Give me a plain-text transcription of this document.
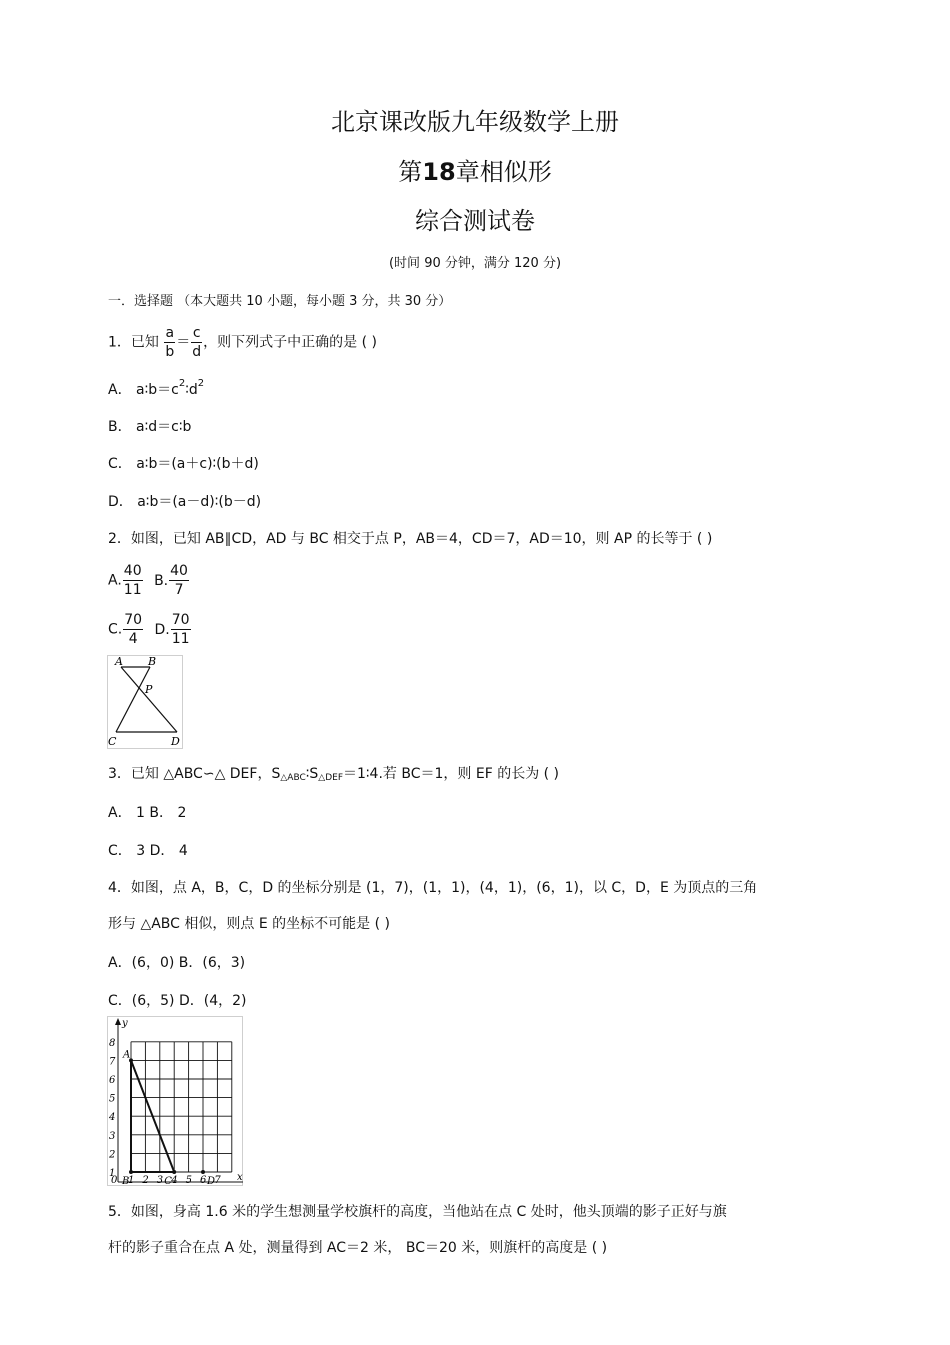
北京课改版九年级数学上册
第18章相似形
综合测试卷
(时间 90 分钟，满分 120 分)
一．选择题 （本大题共 10 小题，每小题 3 分，共 30 分）
1．已知 $\frac{a}{b} = \frac{c}{d}$ ，则下列式子中正确的是 ( )
A． $a∶b=c^2∶d^2$
B． a∶d＝c∶b
C． a∶b＝(a＋c)∶(b＋d)
D． a∶b＝(a－d)∶(b－d)
2．如图，已知 AB∥CD，AD 与 BC 相交于点 P，AB＝4，CD＝7，AD＝10，则 AP 的长等于 ( )
A. $\frac{40}{11} B$. $\frac{40}{7}$
C. $\frac{70}{4} D$. $\frac{70}{11}$
A B
P
C	D
3．已知 △ABC∽△ DEF，$S_{\triangle ABC}∶S_{\triangle DEF}=1∶4$.若 BC＝1，则 EF 的长为 ( )
A． 1 B． 2
C． 3 D． 4
4．如图，点 A，B，C，D 的坐标分别是 (1，7)，(1，1)，(4，1)，(6，1)，以 C，D，E 为顶点的三角
形与 △ABC 相似，则点 E 的坐标不可能是 ( )
A．(6，0) B．(6，3)
C．(6，5) D．(4，2)
y
x
8
7
6
5
4
3
2
1
0 1 2 3 4 5 6 7
A
B	C	D
5．如图，身高 1.6 米的学生想测量学校旗杆的高度，当他站在点 C 处时，他头顶端的影子正好与旗
杆的影子重合在点 A 处，测量得到 AC＝2 米， BC＝20 米，则旗杆的高度是 ( )
